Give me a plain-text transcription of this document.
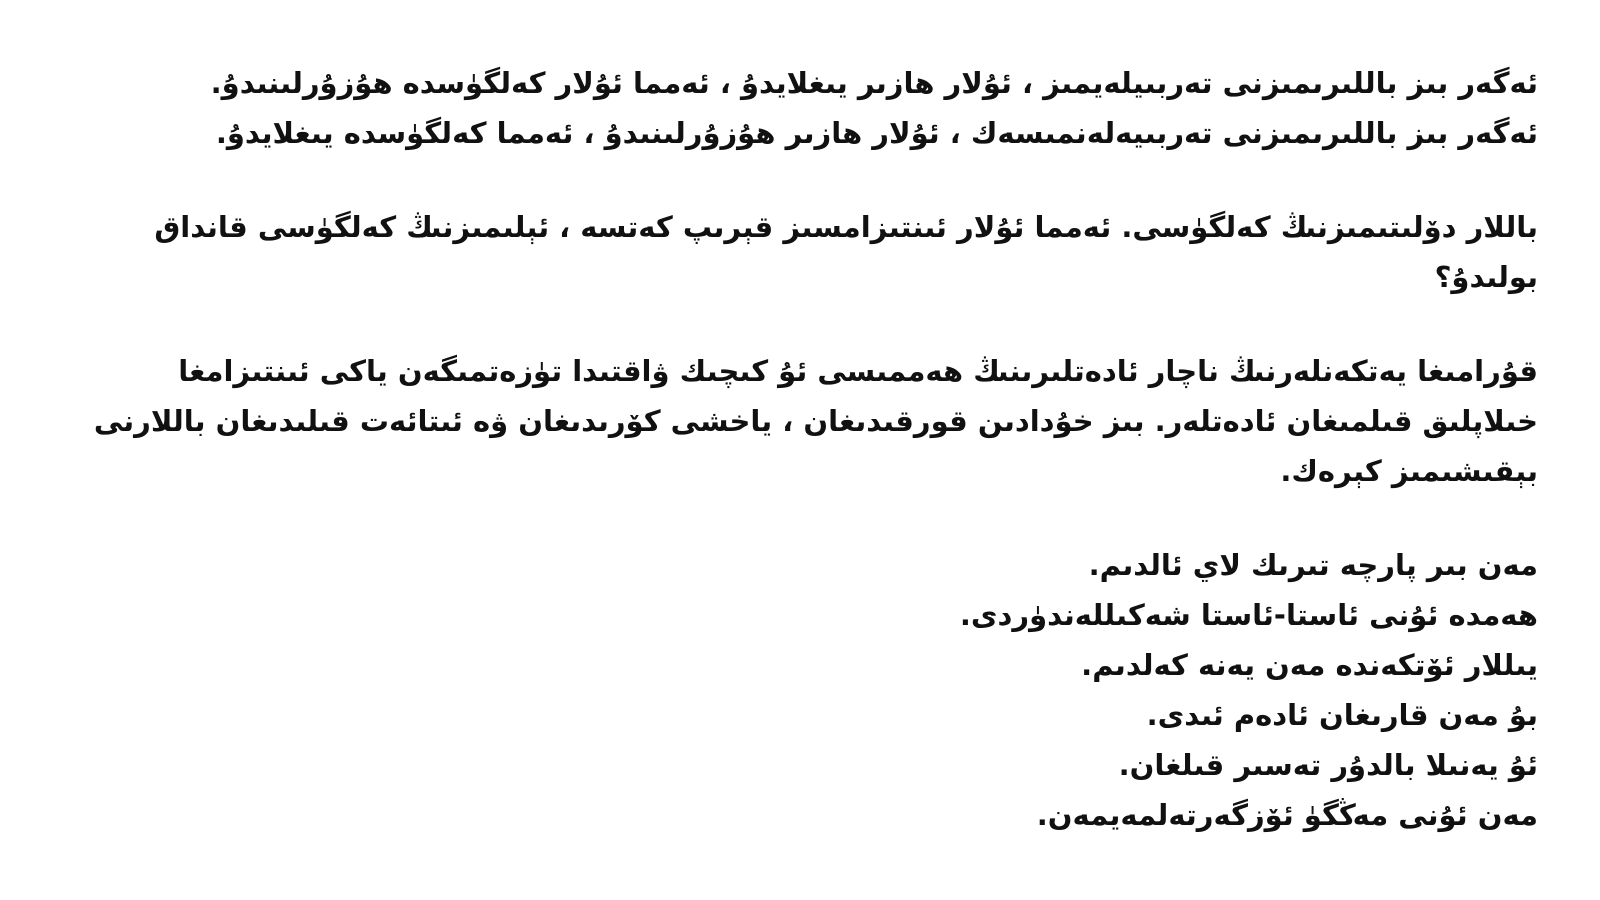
ئەگەر بىز باللىرىمىزنى تەربىيلەيمىز ، ئۇلار ھازىر يىغلايدۇ ، ئەمما ئۇلار كەلگۈسدە ھۇزۇرلىنىدۇ.
ئەگەر بىز باللىرىمىزنى تەربىيەلەنمىسەك ، ئۇلار ھازىر ھۇزۇرلىنىدۇ ، ئەمما كەلگۈسدە يىغلايدۇ.

باللار دۆلىتىمىزنىڭ كەلگۈسى. ئەمما ئۇلار ئىنتىزامسىز قېرىپ كەتسە ، ئېلىمىزنىڭ كەلگۈسى قانداق بولىدۇ؟

قۇرامىغا يەتكەنلەرنىڭ ناچار ئادەتلىرىنىڭ ھەممىسى ئۇ كىچىك ۋاقتىدا تۈزەتمىگەن ياكى ئىنتىزامغا خىلاپلىق قىلمىغان ئادەتلەر. بىز خۇدادىن قورقىدىغان ، ياخشى كۆرىدىغان ۋە ئىتائەت قىلىدىغان باللارنى بېقىشىمىز كېرەك.

مەن بىر پارچە تىرىك لاي ئالدىم.
ھەمدە ئۇنى ئاستا-ئاستا شەكىللەندۈردى.
يىللار ئۆتكەندە مەن يەنە كەلدىم.
بۇ مەن قارىغان ئادەم ئىدى.
ئۇ يەنىلا بالدۇر تەسىر قىلغان.
مەن ئۇنى مەڭگۈ ئۆزگەرتەلمەيمەن.
